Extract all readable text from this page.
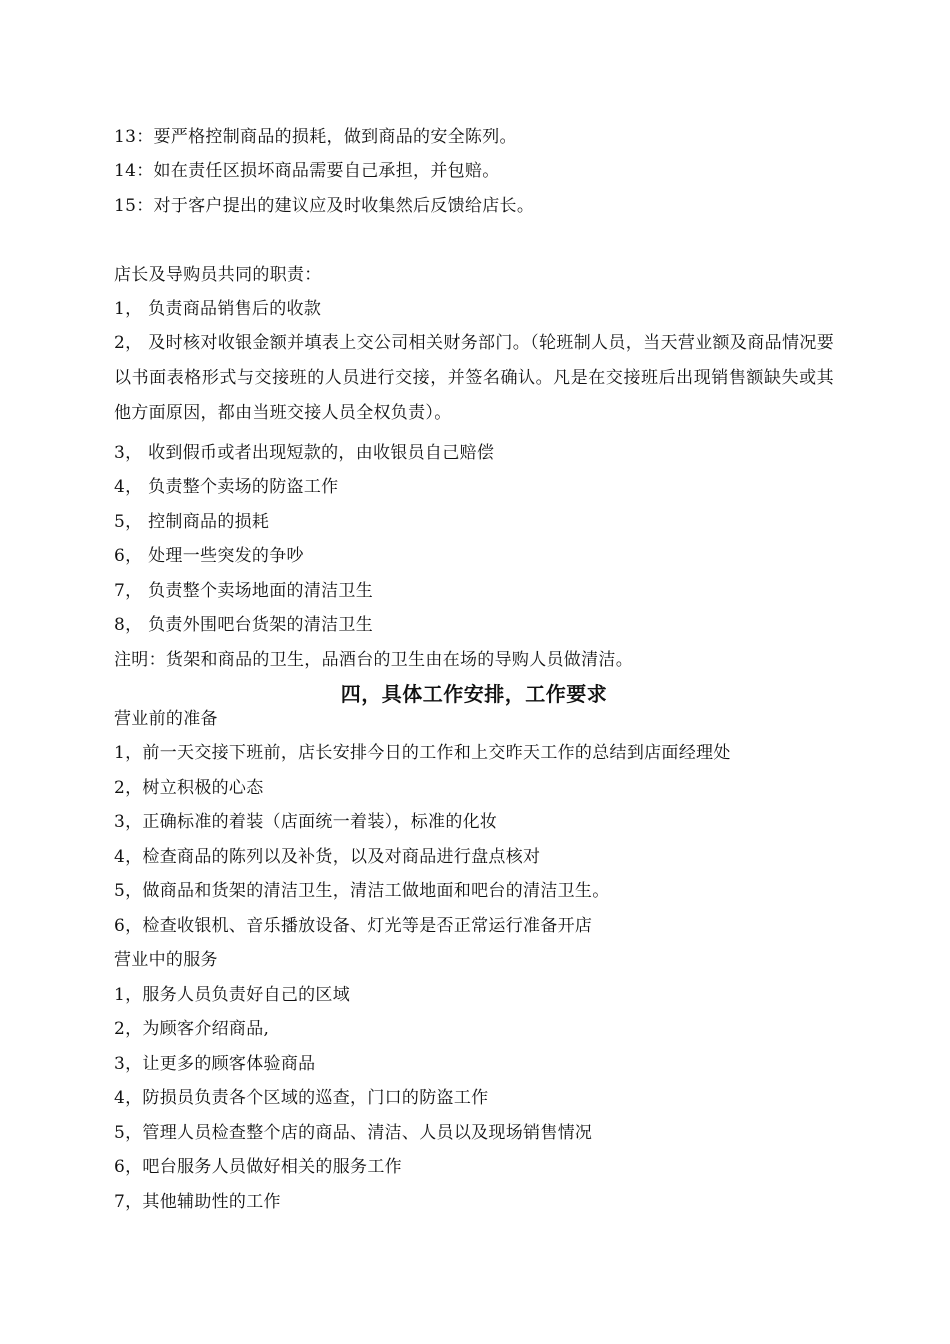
13：要严格控制商品的损耗，做到商品的安全陈列。
14：如在责任区损坏商品需要自己承担，并包赔。
15：对于客户提出的建议应及时收集然后反馈给店长。
店长及导购员共同的职责：
1， 负责商品销售后的收款
2， 及时核对收银金额并填表上交公司相关财务部门。（轮班制人员，当天营业额及商品情况要以书面表格形式与交接班的人员进行交接，并签名确认。凡是在交接班后出现销售额缺失或其他方面原因，都由当班交接人员全权负责）。
3， 收到假币或者出现短款的，由收银员自己赔偿
4， 负责整个卖场的防盗工作
5， 控制商品的损耗
6， 处理一些突发的争吵
7， 负责整个卖场地面的清洁卫生
8， 负责外围吧台货架的清洁卫生
注明：货架和商品的卫生，品酒台的卫生由在场的导购人员做清洁。
四，具体工作安排，工作要求
营业前的准备
1，前一天交接下班前，店长安排今日的工作和上交昨天工作的总结到店面经理处
2，树立积极的心态
3，正确标准的着装（店面统一着装），标准的化妆
4，检查商品的陈列以及补货，以及对商品进行盘点核对
5，做商品和货架的清洁卫生，清洁工做地面和吧台的清洁卫生。
6，检查收银机、音乐播放设备、灯光等是否正常运行准备开店
营业中的服务
1，服务人员负责好自己的区域
2，为顾客介绍商品,
3，让更多的顾客体验商品
4，防损员负责各个区域的巡查，门口的防盗工作
5，管理人员检查整个店的商品、清洁、人员以及现场销售情况
6，吧台服务人员做好相关的服务工作
7，其他辅助性的工作
